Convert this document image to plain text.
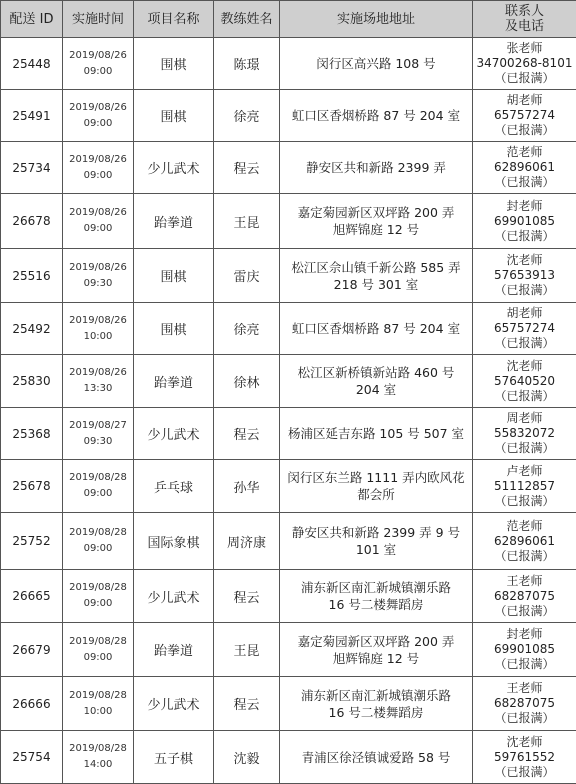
配送 ID	实施时间	项目名称	教练姓名	实施场地地址	联系人
及电话

25448	2019/08/26
09:00	围棋	陈璟	闵行区高兴路 108 号	张老师
34700268-8101
（已报满）

25491	2019/08/26
09:00	围棋	徐亮	虹口区香烟桥路 87 号 204 室	胡老师
65757274
（已报满）

25734	2019/08/26
09:00	少儿武术	程云	静安区共和新路 2399 弄	范老师
62896061
（已报满）

26678	2019/08/26
09:00	跆拳道	王昆	嘉定菊园新区双坪路 200 弄
旭辉锦庭 12 号	封老师
69901085
（已报满）

25516	2019/08/26
09:30	围棋	雷庆	松江区佘山镇千新公路 585 弄
218 号 301 室	沈老师
57653913
（已报满）

25492	2019/08/26
10:00	围棋	徐亮	虹口区香烟桥路 87 号 204 室	胡老师
65757274
（已报满）

25830	2019/08/26
13:30	跆拳道	徐林	松江区新桥镇新站路 460 号
204 室	沈老师
57640520
（已报满）

25368	2019/08/27
09:30	少儿武术	程云	杨浦区延吉东路 105 号 507 室	周老师
55832072
（已报满）

25678	2019/08/28
09:00	乒乓球	孙华	闵行区东兰路 1111 弄内欧风花
都会所	卢老师
51112857
（已报满）

25752	2019/08/28
09:00	国际象棋	周济康	静安区共和新路 2399 弄 9 号
101 室	范老师
62896061
（已报满）

26665	2019/08/28
09:00	少儿武术	程云	浦东新区南汇新城镇潮乐路
16 号二楼舞蹈房	王老师
68287075
（已报满）

26679	2019/08/28
09:00	跆拳道	王昆	嘉定菊园新区双坪路 200 弄
旭辉锦庭 12 号	封老师
69901085
（已报满）

26666	2019/08/28
10:00	少儿武术	程云	浦东新区南汇新城镇潮乐路
16 号二楼舞蹈房	王老师
68287075
（已报满）

25754	2019/08/28
14:00	五子棋	沈毅	青浦区徐泾镇诚爱路 58 号	沈老师
59761552
（已报满）
